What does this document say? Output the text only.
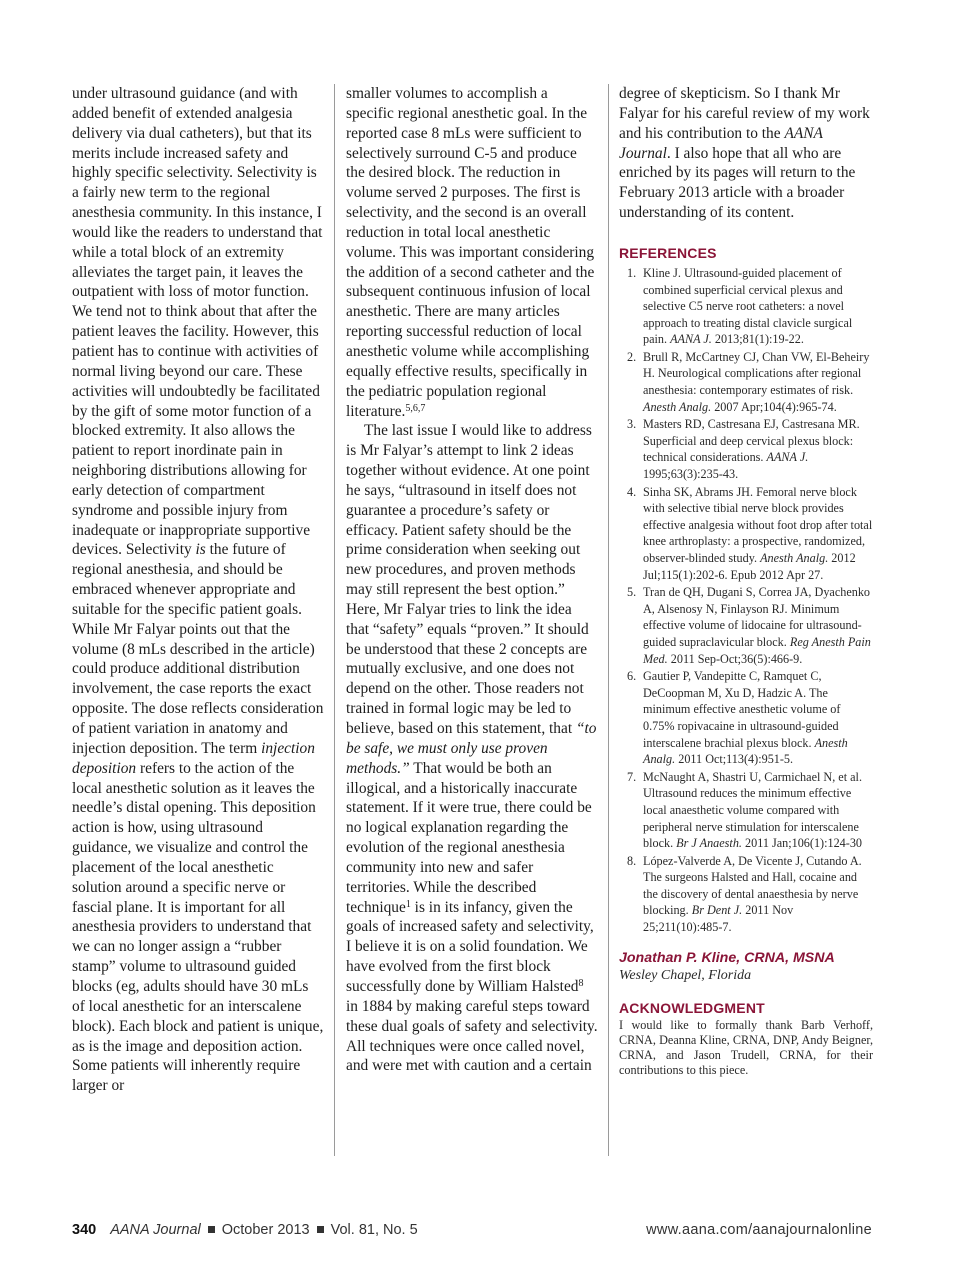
under ultrasound guidance (and with added benefit of extended analgesia delivery via dual catheters), but that its merits include increased safety and highly specific selectivity. Selectivity is a fairly new term to the regional anesthesia community. In this instance, I would like the readers to understand that while a total block of an extremity alleviates the target pain, it leaves the outpatient with loss of motor function. We tend not to think about that after the patient leaves the facility. However, this patient has to continue with activities of normal living beyond our care. These activities will undoubtedly be facilitated by the gift of some motor function of a blocked extremity. It also allows the patient to report inordinate pain in neighboring distributions allowing for early detection of compartment syndrome and possible injury from inadequate or inappropriate supportive devices. Selectivity is the future of regional anesthesia, and should be embraced whenever appropriate and suitable for the specific patient goals. While Mr Falyar points out that the volume (8 mLs described in the article) could produce additional distribution involvement, the case reports the exact opposite. The dose reflects consideration of patient variation in anatomy and injection deposition. The term injection deposition refers to the action of the local anesthetic solution as it leaves the needle’s distal opening. This deposition action is how, using ultrasound guidance, we visualize and control the placement of the local anesthetic solution around a specific nerve or fascial plane. It is important for all anesthesia providers to understand that we can no longer assign a “rubber stamp” volume to ultrasound guided blocks (eg, adults should have 30 mLs of local anesthetic for an interscalene block). Each block and patient is unique, as is the image and deposition action. Some patients will inherently require larger or

smaller volumes to accomplish a specific regional anesthetic goal. In the reported case 8 mLs were sufficient to selectively surround C-5 and produce the desired block. The reduction in volume served 2 purposes. The first is selectivity, and the second is an overall reduction in total local anesthetic volume. This was important considering the addition of a second catheter and the subsequent continuous infusion of local anesthetic. There are many articles reporting successful reduction of local anesthetic volume while accomplishing equally effective results, specifically in the pediatric population regional literature.$^{5,6,7}$

The last issue I would like to address is Mr Falyar’s attempt to link 2 ideas together without evidence. At one point he says, “ultrasound in itself does not guarantee a procedure’s safety or efficacy. Patient safety should be the prime consideration when seeking out new procedures, and proven methods may still represent the best option.” Here, Mr Falyar tries to link the idea that “safety” equals “proven.” It should be understood that these 2 concepts are mutually exclusive, and one does not depend on the other. Those readers not trained in formal logic may be led to believe, based on this statement, that “to be safe, we must only use proven methods.” That would be both an illogical, and a historically inaccurate statement. If it were true, there could be no logical explanation regarding the evolution of the regional anesthesia community into new and safer territories. While the described technique$^1$ is in its infancy, given the goals of increased safety and selectivity, I believe it is on a solid foundation. We have evolved from the first block successfully done by William Halsted$^8$ in 1884 by making careful steps toward these dual goals of safety and selectivity. All techniques were once called novel, and were met with caution and a certain

degree of skepticism. So I thank Mr Falyar for his careful review of my work and his contribution to the AANA Journal. I also hope that all who are enriched by its pages will return to the February 2013 article with a broader understanding of its content.

REFERENCES
1. Kline J. Ultrasound-guided placement of combined superficial cervical plexus and selective C5 nerve root catheters: a novel approach to treating distal clavicle surgical pain. AANA J. 2013;81(1):19-22.
2. Brull R, McCartney CJ, Chan VW, El-Beheiry H. Neurological complications after regional anesthesia: contemporary estimates of risk. Anesth Analg. 2007 Apr;104(4):965-74.
3. Masters RD, Castresana EJ, Castresana MR. Superficial and deep cervical plexus block: technical considerations. AANA J. 1995;63(3):235-43.
4. Sinha SK, Abrams JH. Femoral nerve block with selective tibial nerve block provides effective analgesia without foot drop after total knee arthroplasty: a prospective, randomized, observer-blinded study. Anesth Analg. 2012 Jul;115(1):202-6. Epub 2012 Apr 27.
5. Tran de QH, Dugani S, Correa JA, Dyachenko A, Alsenosy N, Finlayson RJ. Minimum effective volume of lidocaine for ultrasound-guided supraclavicular block. Reg Anesth Pain Med. 2011 Sep-Oct;36(5):466-9.
6. Gautier P, Vandepitte C, Ramquet C, DeCoopman M, Xu D, Hadzic A. The minimum effective anesthetic volume of 0.75% ropivacaine in ultrasound-guided interscalene brachial plexus block. Anesth Analg. 2011 Oct;113(4):951-5.
7. McNaught A, Shastri U, Carmichael N, et al. Ultrasound reduces the minimum effective local anaesthetic volume compared with peripheral nerve stimulation for interscalene block. Br J Anaesth. 2011 Jan;106(1):124-30
8. López-Valverde A, De Vicente J, Cutando A. The surgeons Halsted and Hall, cocaine and the discovery of dental anaesthesia by nerve blocking. Br Dent J. 2011 Nov 25;211(10):485-7.

Jonathan P. Kline, CRNA, MSNA

Wesley Chapel, Florida

ACKNOWLEDGMENT

I would like to formally thank Barb Verhoff, CRNA, Deanna Kline, CRNA, DNP, Andy Beigner, CRNA, and Jason Trudell, CRNA, for their contributions to this piece.

340 AANA Journal October 2013 Vol. 81, No. 5	www.aana.com/aanajournalonline
